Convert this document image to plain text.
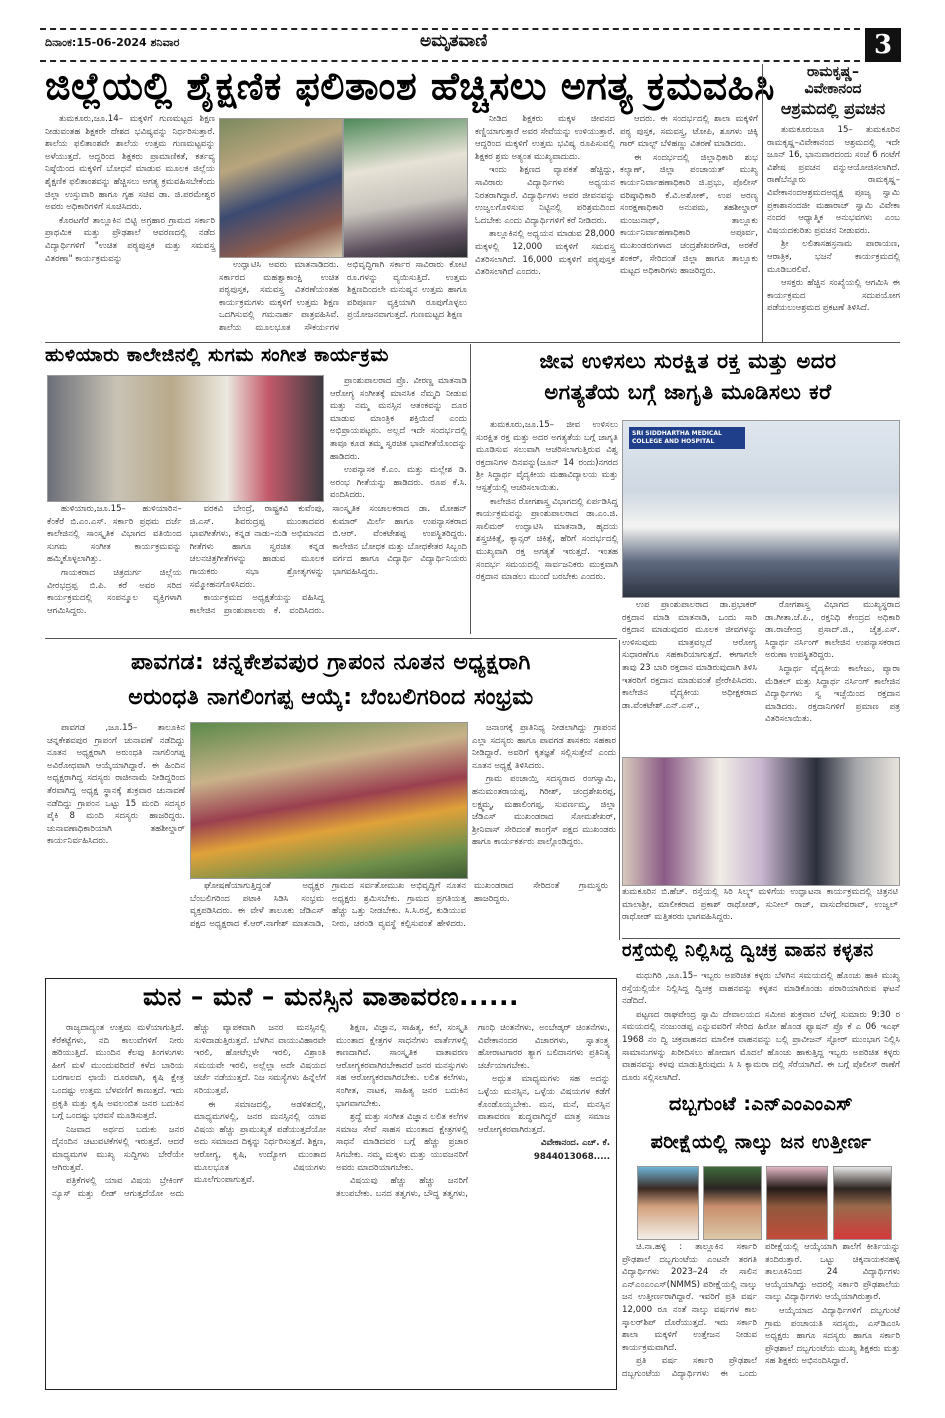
ದಿನಾಂಕ:15-06-2024 ಶನಿವಾರ	ಅಮೃತವಾಣಿ	3
ಜಿಲ್ಲೆಯಲ್ಲಿ ಶೈಕ್ಷಣಿಕ ಫಲಿತಾಂಶ ಹೆಚ್ಚಿಸಲು ಅಗತ್ಯ ಕ್ರಮವಹಿಸಿ

ತುಮಕೂರು,ಜೂ.14– ಮಕ್ಕಳಿಗೆ ಗುಣಮಟ್ಟದ ಶಿಕ್ಷಣ ನೀಡುವಂತಹ ಶಿಕ್ಷಕರೇ ದೇಶದ ಭವಿಷ್ಯವನ್ನು ನಿರ್ಧರಿಸುತ್ತಾರೆ. ಶಾಲೆಯ ಫಲಿತಾಂಶವೇ ಶಾಲೆಯ ಉತ್ತಮ ಗುಣಮಟ್ಟವನ್ನು ಅಳೆಯುತ್ತದೆ. ಆದ್ದರಿಂದ ಶಿಕ್ಷಕರು ಪ್ರಾಮಾಣಿಕತೆ, ಕರ್ತವ್ಯ ನಿಷ್ಠೆಯಿಂದ ಮಕ್ಕಳಿಗೆ ಬೋಧನೆ ಮಾಡುವ ಮೂಲಕ ಜಿಲ್ಲೆಯ ಶೈಕ್ಷಣಿಕ ಫಲಿತಾಂಶವನ್ನು ಹೆಚ್ಚಿಸಲು ಅಗತ್ಯ ಕ್ರಮವಹಿಸಬೇಕೆಂದು ಜಿಲ್ಲಾ ಉಸ್ತುವಾರಿ ಹಾಗೂ ಗೃಹ ಸಚಿವ ಡಾ. ಜಿ.ಪರಮೇಶ್ವರ ಅವರು ಅಧಿಕಾರಿಗಳಿಗೆ ಸೂಚಿಸಿದರು.

ಕೊರಟಗೆರೆ ತಾಲ್ಲೂಕಿನ ಬಿಟ್ಟಿ ಅಗ್ರಹಾರ ಗ್ರಾಮದ ಸರ್ಕಾರಿ ಪ್ರಾಥಮಿಕ ಮತ್ತು ಪ್ರೌಢಶಾಲೆ ಆವರಣದಲ್ಲಿ ನಡೆದ ವಿದ್ಯಾರ್ಥಿಗಳಿಗೆ "ಉಚಿತ ಪಠ್ಯಪುಸ್ತಕ ಮತ್ತು ಸಮವಸ್ತ್ರ ವಿತರಣಾ" ಕಾರ್ಯಕ್ರಮವನ್ನು

ಉದ್ಘಾಟಿಸಿ ಅವರು ಮಾತನಾಡಿದರು. ಸರ್ಕಾರದ ಮಹತ್ವಾಕಾಂಕ್ಷಿ ಉಚಿತ ಪಠ್ಯಪುಸ್ತಕ, ಸಮವಸ್ತ್ರ ವಿತರಣೆಯಂತಹ ಕಾರ್ಯಕ್ರಮಗಳು ಮಕ್ಕಳಿಗೆ ಉತ್ತಮ ಶಿಕ್ಷಣ ಒದಗಿಸುವಲ್ಲಿ ಗಮನಾರ್ಹ ಪಾತ್ರವಹಿಸಿವೆ. ಶಾಲೆಯ ಮೂಲಭೂತ ಸೌಕರ್ಯಗಳ ಅಭಿವೃದ್ಧಿಗಾಗಿ ಸರ್ಕಾರ ಸಾವಿರಾರು ಕೋಟಿ ರೂ.ಗಳನ್ನು ವ್ಯಯಿಸುತ್ತಿದೆ. ಉತ್ತಮ ಶಿಕ್ಷಣದಿಂದಲೇ ಮನುಷ್ಯನ ಉತ್ತಮ ಹಾಗೂ ಪರಿಪೂರ್ಣ ವ್ಯಕ್ತಿಯಾಗಿ ರೂಪುಗೊಳ್ಳಲು ಪ್ರಯೋಜನವಾಗುತ್ತದೆ. ಗುಣಮಟ್ಟದ ಶಿಕ್ಷಣ

ನೀಡಿದ ಶಿಕ್ಷಕರು ಮಕ್ಕಳ ಜೀವನದ ಕಣ್ಣಿಯಾಗುತ್ತಾರೆ ಅವರ ಸೇವೆಯನ್ನು ಉಳಿಯುತ್ತಾರೆ. ಆದ್ದರಿಂದ ಮಕ್ಕಳಿಗೆ ಉತ್ತಮ ಭವಿಷ್ಯ ರೂಪಿಸುವಲ್ಲಿ ಶಿಕ್ಷಕರ ಶ್ರಮ ಅತ್ಯಂತ ಮುಖ್ಯವಾದುದು.

ಇಂದು ಶಿಕ್ಷಣದ ವ್ಯಾಪಕತೆ ಹೆಚ್ಚಿದ್ದು, ಸಾವಿರಾರು ವಿದ್ಯಾರ್ಥಿಗಳು ಅಧ್ಯಯನ ನಿರತರಾಗಿದ್ದಾರೆ. ವಿದ್ಯಾರ್ಥಿಗಳು ಅವರ ಜೀವನವನ್ನು ಉಜ್ವಲಗೊಳಿಸುವ ನಿಟ್ಟಿನಲ್ಲಿ ಪರಿಶ್ರಮದಿಂದ ಓದಬೇಕು ಎಂದು ವಿದ್ಯಾರ್ಥಿಗಳಿಗೆ ಕರೆ ನೀಡಿದರು.

ತಾಲ್ಲೂಕಿನಲ್ಲಿ ಅಧ್ಯಯನ ಮಾಡುವ 28,000 ಮಕ್ಕಳಲ್ಲಿ 12,000 ಮಕ್ಕಳಿಗೆ ಸಮವಸ್ತ್ರ ವಿತರಿಸಲಾಗಿದೆ. 16,000 ಮಕ್ಕಳಿಗೆ ಪಠ್ಯಪುಸ್ತಕ ವಿತರಿಸಲಾಗಿದೆ ಎಂದರು.

ಆದರು. ಈ ಸಂದರ್ಭದಲ್ಲಿ ಶಾಲಾ ಮಕ್ಕಳಿಗೆ ಪಠ್ಯ ಪುಸ್ತಕ, ಸಮವಸ್ತ್ರ, ಟೋಪಿ, ಶೂಗಳು ಚಿಕ್ಕಿ ಗಾರ್ ಮಾಲ್ಟ್ ಬೆಳಿಹಣ್ಣು ವಿತರಣೆ ಮಾಡಿದರು.

ಈ ಸಂದರ್ಭದಲ್ಲಿ ಜಿಲ್ಲಾಧಿಕಾರಿ ಶುಭ ಕಲ್ಯಾಣ್, ಜಿಲ್ಲಾ ಪಂಚಾಯತ್ ಮುಖ್ಯ ಕಾರ್ಯನಿರ್ವಾಹಣಾಧಿಕಾರಿ ಜಿ.ಪ್ರಭು, ಪೊಲೀಸ್ ವರಿಷ್ಠಾಧಿಕಾರಿ ಕೆ.ವಿ.ಅಶೋಕ್, ಉಪ ಅರಣ್ಯ ಸಂರಕ್ಷಣಾಧಿಕಾರಿ ಅನುಪಮ, ತಹಶೀಲ್ದಾರ್ ಮಂಜುನಾಥ್, ತಾಲ್ಲೂಕು ಕಾರ್ಯನಿರ್ವಾಹಣಾಧಿಕಾರಿ ಅಪೂರ್ವ, ಮುಖಂಡರುಗಳಾದ ಚಂದ್ರಶೇಖರಗೌಡ, ಅರಕೆರೆ ಶಂಕರ್, ಸೇರಿದಂತೆ ಜಿಲ್ಲಾ ಹಾಗೂ ತಾಲ್ಲೂಕು ಮಟ್ಟದ ಅಧಿಕಾರಿಗಳು ಹಾಜರಿದ್ದರು.

ರಾಮಕೃಷ್ಣ–
ವಿವೇಕಾನಂದ
ಆಶ್ರಮದಲ್ಲಿ ಪ್ರವಚನ

ತುಮಕೂರುಜೂ 15– ತುಮಕೂರಿನ ರಾಮಕೃಷ್ಣ–ವಿವೇಕಾನಂದ ಆಶ್ರಮದಲ್ಲಿ ಇದೇ ಜೂನ್ 16, ಭಾನುವಾರದಂದು ಸಂಜೆ 6 ಗಂಟೆಗೆ ವಿಶೇಷ ಪ್ರವಚನ ವನ್ನುಆಯೋಜಿಸಲಾಗಿದೆ. ರಾಣೆಬೆನ್ನೂರು ರಾಮಕೃಷ್ಣ–ವಿವೇಕಾನಂದಆಶ್ರಮದಅಧ್ಯಕ್ಷ ಪೂಜ್ಯ ಸ್ವಾಮಿ ಪ್ರಕಾಶಾನಂದಜೀ ಮಹಾರಾಜ್ ಸ್ವಾಮಿ ವಿವೇಕಾ ನಂದರ ಆಧ್ಯಾತ್ಮಿಕ ಅನುಭವಗಳು ಎಂಬ ವಿಷಯದಕುರಿತು ಪ್ರವಚನ ನೀಡುವರು.

ಶ್ರೀ ಲಲಿತಾಸಹಸ್ರನಾಮ ಪಾರಾಯಣ, ಆರಾತ್ರಿಕ, ಭಜನೆ ಕಾರ್ಯಕ್ರಮದಲ್ಲಿ ಮೂಡಿಬರಲಿವೆ.

ಆಸಕ್ತರು ಹೆಚ್ಚಿನ ಸಂಖ್ಯೆಯಲ್ಲಿ ಆಗಮಿಸಿ ಈ ಕಾರ್ಯಕ್ರಮದ ಸದುಪಯೋಗ ಪಡೆಯಲುಆಶ್ರಮದ ಪ್ರಕಟಣೆ ತಿಳಿಸಿದೆ.

ಹುಳಿಯಾರು ಕಾಲೇಜಿನಲ್ಲಿ ಸುಗಮ ಸಂಗೀತ ಕಾರ್ಯಕ್ರಮ

ಪ್ರಾಂಶುಪಾಲರಾದ ಪ್ರೊ. ವೀರಣ್ಣ ಮಾತನಾಡಿ ಆರೋಗ್ಯ ಸಂಗೀತಕ್ಕೆ ಮಾನಸಿಕ ನೆಮ್ಮದಿ ನೀಡುವ ಮತ್ತು ನಮ್ಮ ಮನಸ್ಸಿನ ಆತಂಕವನ್ನು ದೂರ ಮಾಡುವ ಮಾಂತ್ರಿಕ ಶಕ್ತಿಯಿದೆ ಎಂದು ಅಭಿಪ್ರಾಯಪಟ್ಟರು. ಅಲ್ಲದೆ ಇದೇ ಸಂದರ್ಭದಲ್ಲಿ ತಾವೂ ಕೂಡ ತಮ್ಮ ಸ್ವರಚಿತ ಭಾವಗೀತೆಯೊಂದನ್ನು ಹಾಡಿದರು.

ಉಪನ್ಯಾಸಕ ಕೆ.ಎಂ. ಮತ್ತು ಮಲ್ಲೇಶ ಡಿ. ಅರಂಭ ಗೀತೆಯನ್ನು ಹಾಡಿದರು. ರೂಪ ಕೆ.ಸಿ. ವಂದಿಸಿದರು.

ಹುಳಿಯಾರು,ಜೂ.15– ಹುಳಿಯಾರಿನ–ಕೆಂಕೆರೆ ಬಿ.ಎಂ.ಎಸ್. ಸರ್ಕಾರಿ ಪ್ರಥಮ ದರ್ಜೆ ಕಾಲೇಜಿನಲ್ಲಿ ಸಾಂಸ್ಕೃತಿಕ ವಿಭಾಗದ ವತಿಯಿಂದ ಸುಗಮ ಸಂಗೀತ ಕಾರ್ಯಕ್ರಮವನ್ನು ಹಮ್ಮಿಕೊಳ್ಳಲಾಗಿತ್ತು.

ಗಾಯಕರಾದ ಚಿತ್ರದುರ್ಗ ಜಿಲ್ಲೆಯ ವೀರಭದ್ರಪ್ಪ ಬಿ.ಪಿ. ಕರೆ ಅವರ ಸರಿದ ಕಾರ್ಯಕ್ರಮದಲ್ಲಿ ಸಂಪನ್ಮೂಲ ವ್ಯಕ್ತಿಗಳಾಗಿ ಆಗಮಿಸಿದ್ದರು.

ವರಕವಿ ಬೇಂದ್ರೆ, ರಾಷ್ಟ್ರಕವಿ ಕುವೆಂಪು, ಜಿ.ಎಸ್. ಶಿವರುದ್ರಪ್ಪ ಮುಂತಾದವರ ಭಾವಗೀತೆಗಳು, ಕನ್ನಡ ನಾಡು–ನುಡಿ ಅಭಿಮಾನದ ಗೀತೆಗಳು ಹಾಗೂ ಸ್ವರಚಿತ ಕನ್ನಡ ಚಲನಚಿತ್ರಗೀತೆಗಳನ್ನು ಹಾಡುವ ಮೂಲಕ ಗಾಯಕರು ಸಭಾ ಶ್ರೋತೃಗಳನ್ನು ಸಮ್ಮೋಹನಗೊಳಿಸಿದರು.

ಕಾರ್ಯಕ್ರಮದ ಅಧ್ಯಕ್ಷತೆಯನ್ನು ವಹಿಸಿದ್ದ ಕಾಲೇಜಿನ ಪ್ರಾಂಶುಪಾಲರು ಕೆ. ವಂದಿಸಿದರು. ಸಾಂಸ್ಕೃತಿಕ ಸಂಚಾಲಕರಾದ ಡಾ. ಮೋಹನ್ ಕುಮಾರ್ ಮಿರ್ಲೆ ಹಾಗೂ ಉಪನ್ಯಾಸಕರಾದ ಬಿ.ಆರ್. ವೆಂಕಟೇಶಪ್ಪ ಉಪಸ್ಥಿತರಿದ್ದರು. ಕಾಲೇಜಿನ ಬೋಧಕ ಮತ್ತು ಬೋಧಕೇತರ ಸಿಬ್ಬಂದಿ ವರ್ಗದ ಹಾಗೂ ವಿದ್ಯಾರ್ಥಿ ವಿದ್ಯಾರ್ಥಿನಿಯರು ಭಾಗವಹಿಸಿದ್ದರು.

ಜೀವ ಉಳಿಸಲು ಸುರಕ್ಷಿತ ರಕ್ತ ಮತ್ತು ಅದರ
ಅಗತ್ಯತೆಯ ಬಗ್ಗೆ ಜಾಗೃತಿ ಮೂಡಿಸಲು ಕರೆ

ತುಮಕೂರು,ಜೂ.15– ಜೀವ ಉಳಿಸಲು ಸುರಕ್ಷಿತ ರಕ್ತ ಮತ್ತು ಅದರ ಅಗತ್ಯತೆಯ ಬಗ್ಗೆ ಜಾಗೃತಿ ಮೂಡಿಸುವ ಸಲುವಾಗಿ ಆಚರಿಸಲಾಗುತ್ತಿರುವ ವಿಶ್ವ ರಕ್ತದಾನಿಗಳ ದಿನವನ್ನು(ಜೂನ್ 14 ರಂದು)ನಗರದ ಶ್ರೀ ಸಿದ್ಧಾರ್ಥ ವೈದ್ಯಕೀಯ ಮಹಾವಿದ್ಯಾಲಯ ಮತ್ತು ಆಸ್ಪತ್ರೆಯಲ್ಲಿ ಆಚರಿಸಲಾಯಿತು.

ಕಾಲೇಜಿನ ರೋಗಶಾಸ್ತ್ರ ವಿಭಾಗದಲ್ಲಿ ಏರ್ಪಡಿಸಿದ್ದ ಕಾರ್ಯಕ್ರಮವನ್ನು ಪ್ರಾಂಶುಪಾಲರಾದ ಡಾ.ಎಂ.ಜಿ. ಸಾಲಿಮಠ್ ಉದ್ಘಾಟಿಸಿ ಮಾತನಾಡಿ, ಹೃದಯ ಶಸ್ತ್ರಚಿಕಿತ್ಸೆ, ಕ್ಯಾನ್ಸರ್ ಚಿಕಿತ್ಸೆ, ಹೆರಿಗೆ ಸಂದರ್ಭದಲ್ಲಿ ಮುಖ್ಯವಾಗಿ ರಕ್ತ ಅಗತ್ಯತೆ ಇರುತ್ತದೆ. ಇಂತಹ ಸಂದರ್ಭ ಸಮಯದಲ್ಲಿ ಸಾರ್ವಜನಿಕರು ಮುಕ್ತವಾಗಿ ರಕ್ತದಾನ ಮಾಡಲು ಮುಂದೆ ಬರಬೇಕು ಎಂದರು.

SRI SIDDHARTHA MEDICAL COLLEGE AND HOSPITAL

ಉಪ ಪ್ರಾಂಶುಪಾಲರಾದ ಡಾ.ಪ್ರಭಾಕರ್ ರಕ್ತದಾನ ಮಾಡಿ ಮಾತನಾಡಿ, ಒಂದು ಸಾರಿ ರಕ್ತದಾನ ಮಾಡುವುದರ ಮೂಲಕ ಜೀವಗಳನ್ನು ಉಳಿಸುವುದು ಮಾತ್ರವಲ್ಲದೆ ಆರೋಗ್ಯ ಸುಧಾರಣೆಗೂ ಸಹಕಾರಿಯಾಗುತ್ತದೆ. ಈಗಾಗಲೇ ತಾವು 23 ಬಾರಿ ರಕ್ತದಾನ ಮಾಡಿರುವುದಾಗಿ ತಿಳಿಸಿ ಇತರರಿಗೆ ರಕ್ತದಾನ ಮಾಡುವಂತೆ ಪ್ರೇರೇಪಿಸಿದರು. ಕಾಲೇಜಿನ ವೈದ್ಯಕೀಯ ಅಧೀಕ್ಷಕರಾದ ಡಾ.ವೆಂಕಟೇಶ್.ಎನ್.ಎಸ್.,

ರೋಗಶಾಸ್ತ್ರ ವಿಭಾಗದ ಮುಖ್ಯಸ್ಥರಾದ ಡಾ.ಗೀತಾ.ಜೆ.ಪಿ., ರಕ್ತನಿಧಿ ಕೇಂದ್ರದ ಅಧಿಕಾರಿ ಡಾ.ರಾಜೇಂದ್ರ ಪ್ರಸಾದ್.ಜಿ., ಚೈತ್ರ.ಎಸ್. ಸಿದ್ಧಾರ್ಥ ನರ್ಸಿಂಗ್ ಕಾಲೇಜಿನ ಉಪನ್ಯಾಸಕರಾದ ಅರುಣಾ ಉಪಸ್ಥಿತರಿದ್ದರು.

ಸಿದ್ಧಾರ್ಥ ವೈದ್ಯಕೀಯ ಕಾಲೇಜು, ಪ್ಯಾರಾ ಮೆಡಿಕಲ್ ಮತ್ತು ಸಿದ್ಧಾರ್ಥ ನರ್ಸಿಂಗ್ ಕಾಲೇಜಿನ ವಿದ್ಯಾರ್ಥಿಗಳು ಸ್ವ ಇಚ್ಛೆಯಿಂದ ರಕ್ತದಾನ ಮಾಡಿದರು. ರಕ್ತದಾನಿಗಳಿಗೆ ಪ್ರಮಾಣ ಪತ್ರ ವಿತರಿಸಲಾಯಿತು.

ಪಾವಗಡ: ಚನ್ನಕೇಶವಪುರ ಗ್ರಾಪಂನ ನೂತನ ಅಧ್ಯಕ್ಷರಾಗಿ
ಅರುಂಧತಿ ನಾಗಲಿಂಗಪ್ಪ ಆಯ್ಕೆ: ಬೆಂಬಲಿಗರಿಂದ ಸಂಭ್ರಮ

ಪಾವಗಡ ,ಜೂ.15– ತಾಲೂಕಿನ ಚನ್ನಕೇಶವಪುರ ಗ್ರಾಪಂಗೆ ಚುನಾವಣೆ ನಡೆದಿದ್ದು ನೂತನ ಅಧ್ಯಕ್ಷರಾಗಿ ಅರುಂಧತಿ ನಾಗಲಿಂಗಪ್ಪ ಅವಿರೋಧವಾಗಿ ಆಯ್ಕೆಯಾಗಿದ್ದಾರೆ. ಈ ಹಿಂದಿನ ಅಧ್ಯಕ್ಷರಾಗಿದ್ದ ಸದಸ್ಯರು ರಾಜೀನಾಮೆ ನೀಡಿದ್ದರಿಂದ ತೆರವಾಗಿದ್ದ ಅಧ್ಯಕ್ಷ ಸ್ಥಾನಕ್ಕೆ ಶುಕ್ರವಾರ ಚುನಾವಣೆ ನಡೆದಿದ್ದು ಗ್ರಾಪಂನ ಒಟ್ಟು 15 ಮಂದಿ ಸದಸ್ಯರ ಪೈಕಿ 8 ಮಂದಿ ಸದಸ್ಯರು ಹಾಜರಿದ್ದರು. ಚುನಾವಣಾಧಿಕಾರಿಯಾಗಿ ತಹಶೀಲ್ದಾರ್ ಕಾರ್ಯನಿರ್ವಹಿಸಿದರು.

ಘೋಷಣೆಯಾಗುತ್ತಿದ್ದಂತೆ ಅಧ್ಯಕ್ಷರ ಬೆಂಬಲಿಗರಿಂದ ಪಟಾಕಿ ಸಿಡಿಸಿ ಸಂಭ್ರಮ ವ್ಯಕ್ತಪಡಿಸಿದರು. ಈ ವೇಳೆ ತಾಲೂಕು ಜೆಡಿಎಸ್ ಪಕ್ಷದ ಅಧ್ಯಕ್ಷರಾದ ಕೆ.ಆರ್.ನಾಗೇಶ್ ಮಾತನಾಡಿ, ಗ್ರಾಮದ ಸರ್ವತೋಮುಖ ಅಭಿವೃದ್ಧಿಗೆ ನೂತನ ಅಧ್ಯಕ್ಷರು ಶ್ರಮಿಸಬೇಕು. ಗ್ರಾಮದ ಪ್ರಗತಿಯತ್ತ ಹೆಚ್ಚು ಒತ್ತು ನೀಡಬೇಕು. ಸಿ.ಸಿ.ರಸ್ತೆ, ಕುಡಿಯುವ ನೀರು, ಚರಂಡಿ ವ್ಯವಸ್ಥೆ ಕಲ್ಪಿಸುವಂತೆ ಹೇಳಿದರು. ಮುಖಂಡರಾದ ಸೇರಿದಂತೆ ಗ್ರಾಮಸ್ಥರು ಹಾಜರಿದ್ದರು.

ಜನಾಂಗಕ್ಕೆ ಪ್ರಾತಿನಿಧ್ಯ ನೀಡಲಾಗಿದ್ದು ಗ್ರಾಪಂನ ಎಲ್ಲಾ ಸದಸ್ಯರು ಹಾಗೂ ಪಾವಗಡ ಶಾಸಕರು ಸಹಕಾರ ನೀಡಿದ್ದಾರೆ. ಅವರಿಗೆ ಕೃತಜ್ಞತೆ ಸಲ್ಲಿಸುತ್ತೇನೆ ಎಂದು ನೂತನ ಅಧ್ಯಕ್ಷೆ ತಿಳಿಸಿದರು.

ಗ್ರಾಮ ಪಂಚಾಯ್ತಿ ಸದಸ್ಯರಾದ ರಂಗಸ್ವಾಮಿ, ಹನುಮಂತರಾಯಪ್ಪ, ಗಿರೀಶ್, ಚಂದ್ರಶೇಖರಪ್ಪ, ಲಕ್ಷ್ಮಮ್ಮ, ಮಹಾಲಿಂಗಪ್ಪ, ಸುವರ್ಣಮ್ಮ, ಜಿಲ್ಲಾ ಜೆಡಿಎಸ್ ಮುಖಂಡರಾದ ಸೋಮಶೇಖರ್, ಶ್ರೀನಿವಾಸ್ ಸೇರಿದಂತೆ ಕಾಂಗ್ರೆಸ್ ಪಕ್ಷದ ಮುಖಂಡರು ಹಾಗೂ ಕಾರ್ಯಕರ್ತರು ಪಾಲ್ಗೊಂಡಿದ್ದರು.

ತುಮಕೂರಿನ ಬಿ.ಹೆಚ್. ರಸ್ತೆಯಲ್ಲಿ ಸಿರಿ ಸಿಲ್ಕ್ಸ್ ಮಳಿಗೆಯ ಉದ್ಘಾಟನಾ ಕಾರ್ಯಕ್ರಮದಲ್ಲಿ ಚಿತ್ರನಟಿ ಮಾಲಾಶ್ರೀ, ಮಾಲೀಕರಾದ ಪ್ರಕಾಶ್ ರಾಥೋಡ್, ಸುನೀಲ್ ರಾಜ್, ವಾಸುದೇವರಾವ್, ಉಜ್ವಲ್ ರಾಥೋಡ್ ಮತ್ತಿತರರು ಭಾಗವಹಿಸಿದ್ದರು.
ರಸ್ತೆಯಲ್ಲಿ ನಿಲ್ಲಿಸಿದ್ದ ದ್ವಿಚಕ್ರ ವಾಹನ ಕಳ್ಳತನ

ಮಧುಗಿರಿ ,ಜೂ.15– ಇಬ್ಬರು ಅಪರಿಚಿತ ಕಳ್ಳರು ಬೆಳಗಿನ ಸಮಯದಲ್ಲಿ ಹೊಂಚು ಹಾಕಿ ಮುಖ್ಯ ರಸ್ತೆಯಲ್ಲಿಯೇ ನಿಲ್ಲಿಸಿದ್ದ ದ್ವಿಚಕ್ರ ವಾಹನವನ್ನು ಕಳ್ಳತನ ಮಾಡಿಕೊಂಡು ಪರಾರಿಯಾಗಿರುವ ಘಟನೆ ನಡೆದಿದೆ.

ಪಟ್ಟಣದ ರಾಘವೇಂದ್ರ ಸ್ವಾಮಿ ದೇವಾಲಯದ ಸಮೀಪ ಶುಕ್ರವಾರ ಬೆಳಗ್ಗೆ ಸುಮಾರು 9:30 ರ ಸಮಯದಲ್ಲಿ ನಂಜುಂಡಪ್ಪ ಎನ್ನುವವರಿಗೆ ಸೇರಿದ ಹಿರೋ ಹೊಂಡ ಫ್ಯಾಷನ್ ಪ್ರೊ ಕೆ ಎ 06 ಇಎಫ್ 1968 ನಂ ದ್ವಿ ಚಕ್ರವಾಹನದ ಮಾಲೀಕ ವಾಹನವನ್ನು ಬಲ್ಲಿ ಪ್ರಾವೀಜನ್ ಸ್ಟೋರ್ ಮುಂಭಾಗ ನಿಲ್ಲಿಸಿ ಸಾಮಾನುಗಳನ್ನು ಖರೀದಿಸಲು ಹೋದಾಗ ಮೊದಲೆ ಹೊಂಚು ಹಾಕುತ್ತಿದ್ದ ಇಬ್ಬರು ಅಪರಿಚಿತ ಕಳ್ಳರು ವಾಹನವನ್ನು ಕಳವು ಮಾಡುತ್ತಿರುವುದು ಸಿ ಸಿ ಕ್ಯಾಮರಾ ದಲ್ಲಿ ಸೆರೆಯಾಗಿದೆ. ಈ ಬಗ್ಗೆ ಪೊಲೀಸ್ ಠಾಣೆಗೆ ದೂರು ಸಲ್ಲಿಸಲಾಗಿದೆ.

ದಬ್ಬಗುಂಟೆ :ಎನ್‌ಎಂಎಂಎಸ್
ಪರೀಕ್ಷೆಯಲ್ಲಿ ನಾಲ್ಕು ಜನ ಉತ್ತೀರ್ಣ

ಚಿ.ನಾ.ಹಳ್ಳಿ : ತಾಲ್ಲೂಕಿನ ಸರ್ಕಾರಿ ಪ್ರೌಢಶಾಲೆ ದಬ್ಬಗುಂಟೆಯ ಎಂಟನೇ ತರಗತಿ ವಿದ್ಯಾರ್ಥಿಗಳು 2023–24 ನೇ ಸಾಲಿನ ಎನ್‌ಎಂಎಂಎಸ್(NMMS) ಪರೀಕ್ಷೆಯಲ್ಲಿ ನಾಲ್ಕು ಜನ ಉತ್ತೀರ್ಣರಾಗಿದ್ದಾರೆ. ಇವರಿಗೆ ಪ್ರತಿ ವರ್ಷ 12,000 ರೂ ನಂತೆ ನಾಲ್ಕು ವರ್ಷಗಳ ಕಾಲ ಸ್ಕಾಲರ್‌ಶಿಪ್ ದೊರೆಯುತ್ತದೆ. ಇದು ಸರ್ಕಾರಿ ಶಾಲಾ ಮಕ್ಕಳಿಗೆ ಉತ್ತೇಜನ ನೀಡುವ ಕಾರ್ಯಕ್ರಮವಾಗಿದೆ.

ಪ್ರತಿ ವರ್ಷ ಸರ್ಕಾರಿ ಪ್ರೌಢಶಾಲೆ ದಬ್ಬಗುಂಟೆಯ ವಿದ್ಯಾರ್ಥಿಗಳು ಈ ಒಂದು ಪರೀಕ್ಷೆಯಲ್ಲಿ ಆಯ್ಕೆಯಾಗಿ ಶಾಲೆಗೆ ಕೀರ್ತಿಯನ್ನು ತಂದಿರುತ್ತಾರೆ. ಒಟ್ಟು ಚಿಕ್ಕನಾಯಕನಹಳ್ಳಿ ತಾಲೂಕಿನಿಂದ 24 ವಿದ್ಯಾರ್ಥಿಗಳು ಆಯ್ಕೆಯಾಗಿದ್ದು ಅದರಲ್ಲಿ ಸರ್ಕಾರಿ ಪ್ರೌಢಶಾಲೆಯ ನಾಲ್ಕು ವಿದ್ಯಾರ್ಥಿಗಳು ಆಯ್ಕೆಯಾಗಿರುತ್ತಾರೆ.

ಆಯ್ಕೆಯಾದ ವಿದ್ಯಾರ್ಥಿಗಳಿಗೆ ದಬ್ಬಗುಂಟೆ ಗ್ರಾಮ ಪಂಚಾಯತಿ ಸದಸ್ಯರು, ಎಸ್‌ಡಿಎಂಸಿ ಅಧ್ಯಕ್ಷರು ಹಾಗೂ ಸದಸ್ಯರು ಹಾಗೂ ಸರ್ಕಾರಿ ಪ್ರೌಢಶಾಲೆ ದಬ್ಬಗುಂಟೆಯ ಮುಖ್ಯ ಶಿಕ್ಷಕರು ಮತ್ತು ಸಹ ಶಿಕ್ಷಕರು ಅಭಿನಂದಿಸಿದ್ದಾರೆ.

ಮನ – ಮನೆ – ಮನಸ್ಸಿನ ವಾತಾವರಣ......

ರಾಜ್ಯದಾದ್ಯಂತ ಉತ್ತಮ ಮಳೆಯಾಗುತ್ತಿದೆ. ಕೆರೆಕಟ್ಟೆಗಳು, ನದಿ ಕಾಲುವೆಗಳಿಗೆ ನೀರು ಹರಿಯುತ್ತಿದೆ. ಮುಂದಿನ ಕೆಲವು ತಿಂಗಳುಗಳು ಹೀಗೆ ಮಳೆ ಮುಂದುವರಿದರೆ ಕಳೆದ ಬಾರಿಯ ಬರಗಾಲದ ಛಾಯೆ ದೂರವಾಗಿ, ಕೃಷಿ ಕ್ಷೇತ್ರ ಒಂದಷ್ಟು ಉತ್ತಮ ಬೆಳವಣಿಗೆ ಕಾಣುತ್ತದೆ. ಇದು ಪ್ರಕೃತಿ ಮತ್ತು ಕೃಷಿ ಅವಲಂಬಿತ ಜನರ ಬದುಕಿನ ಬಗ್ಗೆ ಒಂದಷ್ಟು ಭರವಸೆ ಮೂಡಿಸುತ್ತದೆ.

ನಿಜವಾದ ಅರ್ಥದ ಬದುಕು ಜನರ ದೈನಂದಿನ ಚಟುವಟಿಕೆಗಳಲ್ಲಿ ಇರುತ್ತದೆ. ಆದರೆ ಮಾಧ್ಯಮಗಳ ಮುಖ್ಯ ಸುದ್ದಿಗಳು ಬೇರೆಯೇ ಆಗಿರುತ್ತವೆ.

ಪತ್ರಿಕೆಗಳಲ್ಲಿ ಯಾವ ವಿಷಯ ಬ್ರೇಕಿಂಗ್ ನ್ಯೂಸ್ ಮತ್ತು ಲೀಡ್ ಆಗುತ್ತದೆಯೋ ಅದು ಹೆಚ್ಚು ವ್ಯಾಪಕವಾಗಿ ಜನರ ಮನಸ್ಸಿನಲ್ಲಿ ಸುಳಿದಾಡುತ್ತಿರುತ್ತದೆ. ಬೆಳಗಿನ ವಾಯುವಿಹಾರವೇ ಇರಲಿ, ಹೋಟೆಲ್ಗಳೇ ಇರಲಿ, ವಿಶ್ರಾಂತಿ ಸಮಯವೇ ಇರಲಿ, ಅಲ್ಲೆಲ್ಲಾ ಅದೇ ವಿಷಯದ ಚರ್ಚೆ ನಡೆಯುತ್ತದೆ. ನಿಜ ಸಮಸ್ಯೆಗಳು ಹಿನ್ನೆಲೆಗೆ ಸರಿಯುತ್ತವೆ.

ಈ ಸಮಾಜದಲ್ಲಿ, ಅಡಳಿತದಲ್ಲಿ, ಮಾಧ್ಯಮಗಳಲ್ಲಿ, ಜನರ ಮನಸ್ಸಿನಲ್ಲಿ ಯಾವ ವಿಷಯ ಹೆಚ್ಚು ಪ್ರಾಮುಖ್ಯತೆ ಪಡೆಯುತ್ತದೆಯೋ ಅದು ಸಮಾಜದ ದಿಕ್ಕನ್ನು ನಿರ್ಧರಿಸುತ್ತದೆ. ಶಿಕ್ಷಣ, ಆರೋಗ್ಯ, ಕೃಷಿ, ಉದ್ಯೋಗ ಮುಂತಾದ ಮೂಲಭೂತ ವಿಷಯಗಳು ಮೂಲೆಗುಂಪಾಗುತ್ತವೆ.

ಶಿಕ್ಷಣ, ವಿಜ್ಞಾನ, ಸಾಹಿತ್ಯ, ಕಲೆ, ಸಂಸ್ಕೃತಿ ಮುಂತಾದ ಕ್ಷೇತ್ರಗಳ ಸಾಧನೆಗಳು ವಾರ್ತೆಗಳಲ್ಲಿ ಕಾಣದಾಗಿವೆ. ಸಾಂಸ್ಕೃತಿಕ ವಾತಾವರಣ ಆರೋಗ್ಯಕರವಾಗಿರಬೇಕಾದರೆ ಜನರ ಮನಸ್ಸುಗಳು ಸಹ ಆರೋಗ್ಯಕರವಾಗಿರಬೇಕು. ಲಲಿತ ಕಲೆಗಳು, ಸಂಗೀತ, ನಾಟಕ, ಸಾಹಿತ್ಯ ಜನರ ಬದುಕಿನ ಭಾಗವಾಗಬೇಕು.

ಶ್ರದ್ಧೆ ಮತ್ತು ಸಂಗೀತ ವಿಜ್ಞಾನ ಲಲಿತ ಕಲೆಗಳ ಸಮಾಜ ಸೇವೆ ಸಾಹಸ ಮುಂತಾದ ಕ್ಷೇತ್ರಗಳಲ್ಲಿ ಸಾಧನೆ ಮಾಡಿದವರ ಬಗ್ಗೆ ಹೆಚ್ಚು ಪ್ರಚಾರ ಸಿಗಬೇಕು. ನಮ್ಮ ಮಕ್ಕಳು ಮತ್ತು ಯುವಜನರಿಗೆ ಅವರು ಮಾದರಿಯಾಗಬೇಕು.

ವಿಷಯವು ಹೆಚ್ಚು ಹೆಚ್ಚು ಜನರಿಗೆ ತಲುಪಬೇಕು. ಬನದ ತತ್ವಗಳು, ಬೌದ್ಧ ತತ್ವಗಳು, ಗಾಂಧಿ ಚಿಂತನೆಗಳು, ಅಂಬೇಡ್ಕರ್ ಚಿಂತನೆಗಳು, ವಿವೇಕಾನಂದರ ವಿಚಾರಗಳು, ಸ್ವಾತಂತ್ರ್ಯ ಹೋರಾಟಗಾರರ ತ್ಯಾಗ ಬಲಿದಾನಗಳು ಪ್ರತಿನಿತ್ಯ ಚರ್ಚೆಯಾಗಬೇಕು.

ಅದ್ಭುತ ಮಾಧ್ಯಮಗಳು ಸಹ ಅದನ್ನು ಒಳ್ಳೆಯ ಮನಸ್ಸಿನ, ಒಳ್ಳೆಯ ವಿಷಯಗಳ ಕಡೆಗೆ ಕೊಂಡೊಯ್ಯಬೇಕು. ಮನ, ಮನೆ, ಮನಸ್ಸಿನ ವಾತಾವರಣ ಶುದ್ಧವಾಗಿದ್ದರೆ ಮಾತ್ರ ಸಮಾಜ ಆರೋಗ್ಯಕರವಾಗಿರುತ್ತದೆ.

ವಿವೇಕಾನಂದ. ಎಚ್. ಕೆ.

9844013068.....
